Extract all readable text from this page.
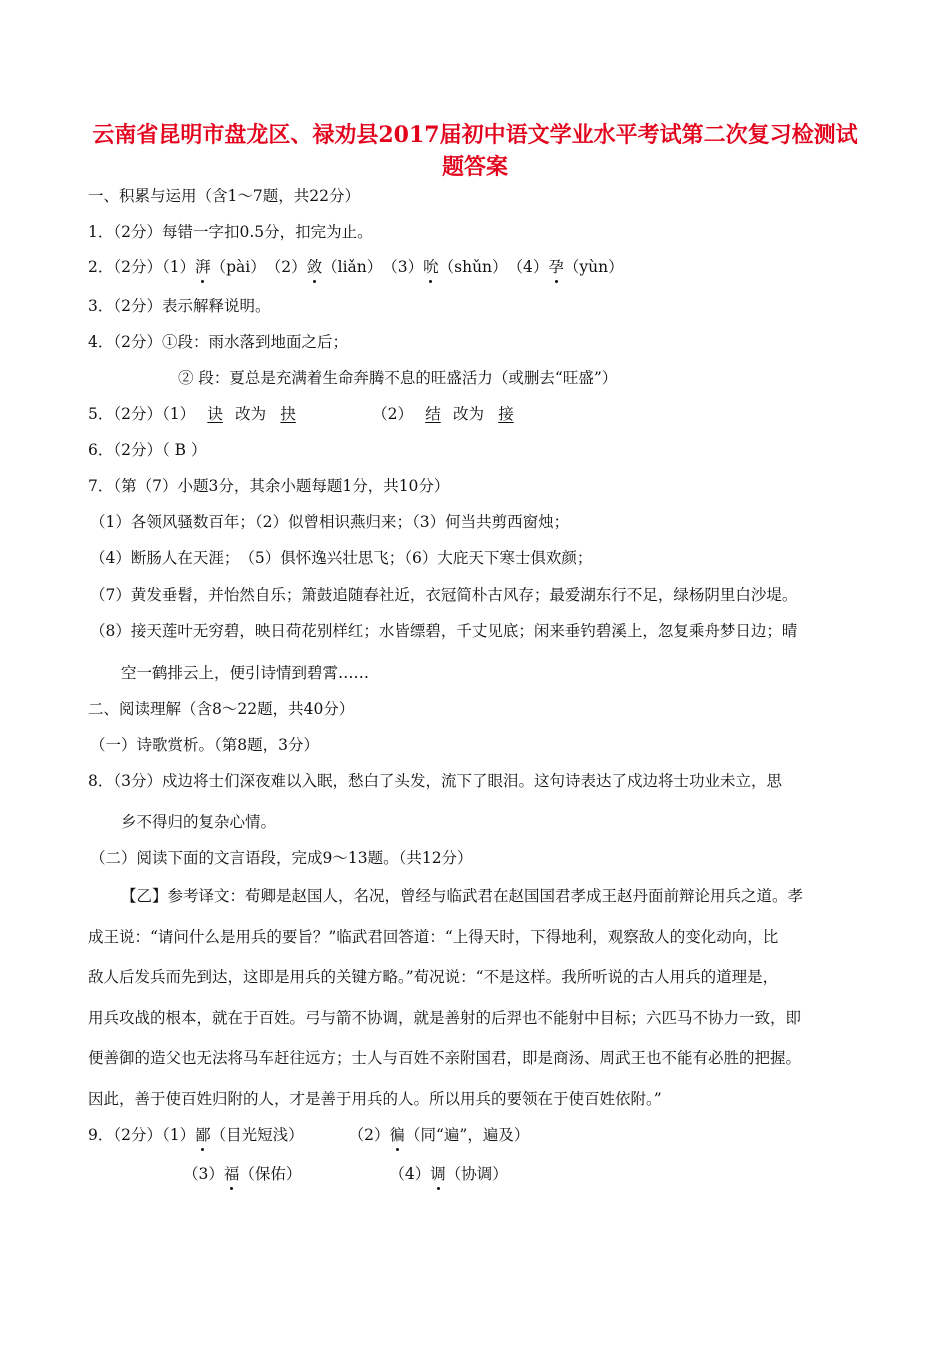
云南省昆明市盘龙区、禄劝县2017届初中语文学业水平考试第二次复习检测试
题答案
一、积累与运用（含1～7题，共22分）
1．（2分）每错一字扣0.5分，扣完为止。
2．（2分）（1）湃（pài）　（2）敛（liǎn）　（3）吮（shǔn）　（4）孕（yùn）
3．（2分）表示解释说明。
4．（2分）①段：雨水落到地面之后；
② 段：夏总是充满着生命奔腾不息的旺盛活力（或删去“旺盛”）
5．（2分）（1） 诀 改为 抉	（2） 结 改为 接
6．（2分）（ B ）
7．（第（7）小题3分，其余小题每题1分，共10分）
（1）各领风骚数百年；（2）似曾相识燕归来；（3）何当共剪西窗烛；
（4）断肠人在天涯；　（5）俱怀逸兴壮思飞；（6）大庇天下寒士俱欢颜；
（7）黄发垂髫，并怡然自乐；箫鼓追随春社近，衣冠简朴古风存；最爱湖东行不足，绿杨阴里白沙堤。
（8）接天莲叶无穷碧，映日荷花别样红；水皆缥碧，千丈见底；闲来垂钓碧溪上，忽复乘舟梦日边；晴
空一鹤排云上，便引诗情到碧霄……
二、阅读理解（含8～22题，共40分）
（一）诗歌赏析。（第8题，3分）
8．（3分）戍边将士们深夜难以入眠，愁白了头发，流下了眼泪。这句诗表达了戍边将士功业未立，思
乡不得归的复杂心情。
（二）阅读下面的文言语段，完成9～13题。（共12分）
【乙】参考译文：荀卿是赵国人，名况，曾经与临武君在赵国国君孝成王赵丹面前辩论用兵之道。孝
成王说：“请问什么是用兵的要旨？”临武君回答道：“上得天时，下得地利，观察敌人的变化动向，比
敌人后发兵而先到达，这即是用兵的关键方略。”荀况说：“不是这样。我所听说的古人用兵的道理是，
用兵攻战的根本，就在于百姓。弓与箭不协调，就是善射的后羿也不能射中目标；六匹马不协力一致，即
便善御的造父也无法将马车赶往远方；士人与百姓不亲附国君，即是商汤、周武王也不能有必胜的把握。
因此，善于使百姓归附的人，才是善于用兵的人。所以用兵的要领在于使百姓依附。”
9．（2分）（1）鄙（目光短浅）	（2）徧（同“遍”，遍及）
（3）福（保佑）	（4）调（协调）
